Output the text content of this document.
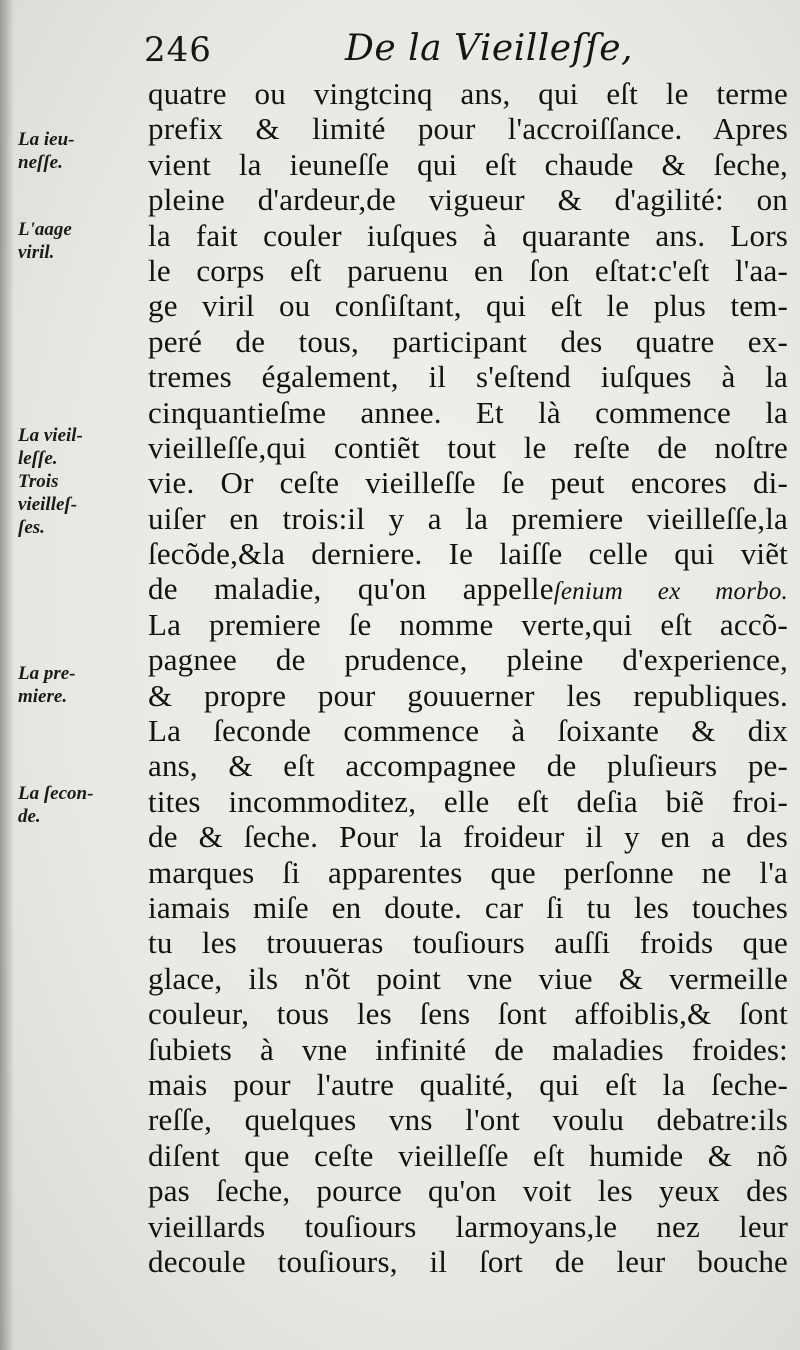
246	De la Vieilleſſe,
La ieu-
neſſe.
L'aage
viril.
La vieil-
leſſe.
Trois
vieilleſ-
ſes.
La pre-
miere.
La ſecon-
de.
quatre ou vingtcinq ans, qui eſt le terme
prefix & limité pour l'accroiſſance. Apres
vient la ieuneſſe qui eſt chaude & ſeche,
pleine d'ardeur,de vigueur & d'agilité: on
la fait couler iuſques à quarante ans. Lors
le corps eſt paruenu en ſon eſtat:c'eſt l'aa-
ge viril ou conſiſtant, qui eſt le plus tem-
peré de tous, participant des quatre ex-
tremes également, il s'eſtend iuſques à la
cinquantieſme annee. Et là commence la
vieilleſſe,qui contiẽt tout le reſte de noſtre
vie. Or ceſte vieilleſſe ſe peut encores di-
uiſer en trois:il y a la premiere vieilleſſe,la
ſecõde,&la derniere. Ie laiſſe celle qui viẽt
de maladie, qu'on appelleſenium ex morbo.
La premiere ſe nomme verte,qui eſt accõ-
pagnee de prudence, pleine d'experience,
& propre pour gouuerner les republiques.
La ſeconde commence à ſoixante & dix
ans, & eſt accompagnee de pluſieurs pe-
tites incommoditez, elle eſt deſia biẽ froi-
de & ſeche. Pour la froideur il y en a des
marques ſi apparentes que perſonne ne l'a
iamais miſe en doute. car ſi tu les touches
tu les trouueras touſiours auſſi froids que
glace, ils n'õt point vne viue & vermeille
couleur, tous les ſens ſont affoiblis,& ſont
ſubiets à vne infinité de maladies froides:
mais pour l'autre qualité, qui eſt la ſeche-
reſſe, quelques vns l'ont voulu debatre:ils
diſent que ceſte vieilleſſe eſt humide & nõ
pas ſeche, pource qu'on voit les yeux des
vieillards touſiours larmoyans,le nez leur
decoule touſiours, il ſort de leur bouche
